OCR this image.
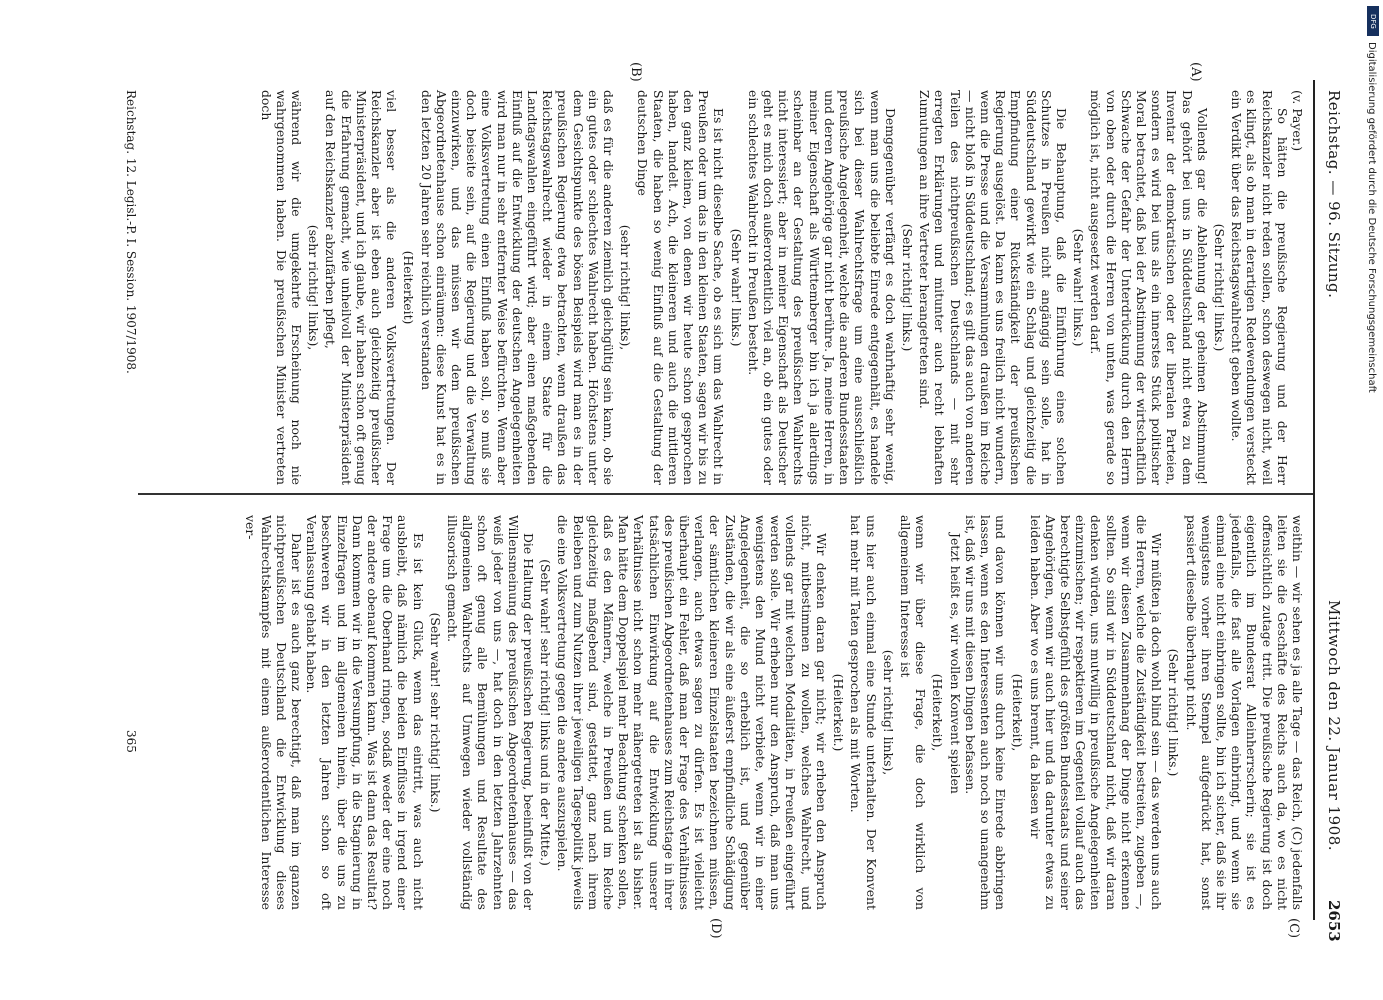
Reichstag. — 96. Sitzung.
Mittwoch den 22. Januar 1908.
2653
(A)
(B)
(C)
(D)

(v. Payer.)

So hätten die preußische Regierung und der Herr Reichskanzler nicht reden sollen, schon deswegen nicht, weil es klingt, als ob man in derartigen Redewendungen versteckt ein Verdikt über das Reichstagswahlrecht geben wollte.

(Sehr richtig! links.)

Vollends gar die Ablehnung der geheimen Abstimmung! Das gehört bei uns in Süddeutschland nicht etwa zu dem Inventar der demokratischen oder der liberalen Parteien, sondern es wird bei uns als ein innerstes Stück politischer Moral betrachtet, daß bei der Abstimmung der wirtschaftlich Schwache der Gefahr der Unterdrückung durch den Herrn von oben oder durch die Herren von unten, was gerade so möglich ist, nicht ausgesetzt werden darf.

(Sehr wahr! links.)

Die Behauptung, daß die Einführung eines solchen Schutzes in Preußen nicht angängig sein solle, hat in Süddeutschland gewirkt wie ein Schlag und gleichzeitig die Empfindung einer Rückständigkeit der preußischen Regierung ausgelöst. Da kann es uns freilich nicht wundern, wenn die Presse und die Versammlungen draußen im Reiche — nicht bloß in Süddeutschland; es gilt das auch von anderen Teilen des nichtpreußischen Deutschlands — mit sehr erregten Erklärungen und mitunter auch recht lebhaften Zumutungen an ihre Vertreter herangetreten sind.

(Sehr richtig! links.)

Demgegenüber verfängt es doch wahrhaftig sehr wenig, wenn man uns die beliebte Einrede entgegenhält, es handele sich bei dieser Wahlrechtsfrage um eine ausschließlich preußische Angelegenheit, welche die anderen Bundesstaaten und deren Angehörige gar nicht berühre. Ja, meine Herren, in meiner Eigenschaft als Württemberger bin ich ja allerdings scheinbar an der Gestaltung des preußischen Wahlrechts nicht interessiert; aber in meiner Eigenschaft als Deutscher geht es mich doch außerordentlich viel an, ob ein gutes oder ein schlechtes Wahlrecht in Preußen besteht.

(Sehr wahr! links.)

Es ist nicht dieselbe Sache, ob es sich um das Wahlrecht in Preußen oder um das in den kleinen Staaten, sagen wir bis zu den ganz kleinen, von denen wir heute schon gesprochen haben, handelt. Ach, die kleineren und auch die mittleren Staaten, die haben so wenig Einfluß auf die Gestaltung der deutschen Dinge

(sehr richtig! links),

daß es für die anderen ziemlich gleichgültig sein kann, ob sie ein gutes oder schlechtes Wahlrecht haben. Höchstens unter dem Gesichtspunkte des bösen Beispiels wird man es in der preußischen Regierung etwa betrachten, wenn draußen das Reichstagswahlrecht wieder in einem Staate für die Landtagswahlen eingeführt wird; aber einen maßgebenden Einfluß auf die Entwicklung der deutschen Angelegenheiten wird man nur in sehr entfernter Weise befürchten. Wenn aber eine Volksvertretung einen Einfluß haben soll, so muß sie doch beiseite sein, auf die Regierung und die Verwaltung einzuwirken, und das müssen wir dem preußischen Abgeordnetenhause schon einräumen: diese Kunst hat es in den letzten 20 Jahren sehr reichlich verstanden

(Heiterkeit)

viel besser als die anderen Volksvertretungen. Der Reichskanzler aber ist eben auch gleichzeitig preußischer Ministerpräsident, und ich glaube, wir haben schon oft genug die Erfahrung gemacht, wie unheilvoll der Ministerpräsident auf den Reichskanzler abzufärben pflegt,

(sehr richtig! links),

während wir die umgekehrte Erscheinung noch nie wahrgenommen haben. Die preußischen Minister vertreten doch

weithin — wir sehen es ja alle Tage — das Reich, (C) jedenfalls leiten sie die Geschäfte des Reichs auch da, wo es nicht offensichtlich zutage tritt. Die preußische Regierung ist doch eigentlich im Bundesrat Alleinherrscherin; sie ist es jedenfalls, die fast alle Vorlagen einbringt, und wenn sie einmal eine nicht einbringen sollte, bin ich sicher, daß sie ihr wenigstens vorher ihren Stempel aufgedrückt hat, sonst passiert dieselbe überhaupt nicht.

(Sehr richtig! links.)

Wir müßten ja doch wohl blind sein — das werden uns auch die Herren, welche die Zuständigkeit bestreiten, zugeben —, wenn wir diesen Zusammenhang der Dinge nicht erkennen sollten. So sind wir in Süddeutschland nicht, daß wir daran denken würden, uns mutwillig in preußische Angelegenheiten einzumischen; wir respektieren im Gegenteil vollauf auch das berechtigte Selbstgefühl des größten Bundesstaats und seiner Angehörigen, wenn wir auch hier und da darunter etwas zu leiden haben. Aber wo es uns brennt, da blasen wir

(Heiterkeit),

und davon können wir uns durch keine Einrede abbringen lassen, wenn es den Interessenten auch noch so unangenehm ist, daß wir uns mit diesen Dingen befassen.

Jetzt heißt es, wir wollen Konvent spielen

(Heiterkeit),

wenn wir über diese Frage, die doch wirklich von allgemeinem Interesse ist

(sehr richtig! links),

uns hier auch einmal eine Stunde unterhalten. Der Konvent hat mehr mit Taten gesprochen als mit Worten.

(Heiterkeit.)

Wir denken daran gar nicht; wir erheben den Anspruch nicht, mitbestimmen zu wollen, welches Wahlrecht, und vollends gar mit welchen Modalitäten, in Preußen eingeführt werden solle. Wir erheben nur den Anspruch, daß man uns wenigstens den Mund nicht verbiete, wenn wir in einer Angelegenheit, die so erheblich ist, und gegenüber Zuständen, die wir als eine äußerst empfindliche Schädigung der sämtlichen kleineren Einzelstaaten bezeichnen müssen, verlangen, auch etwas sagen zu dürfen. Es ist vielleicht überhaupt ein Fehler, daß man der Frage des Verhältnisses des preußischen Abgeordnetenhauses zum Reichstage in ihrer tatsächlichen Einwirkung auf die Entwicklung unserer Verhältnisse nicht schon mehr nähergetreten ist als bisher. Man hätte dem Doppelspiel mehr Beachtung schenken sollen, daß es den Männern, welche in Preußen und im Reiche gleichzeitig maßgebend sind, gestattet, ganz nach ihrem Belieben und zum Nutzen ihrer jeweiligen Tagespolitik jeweils die eine Volksvertretung gegen die andere auszuspielen.

(Sehr wahr! sehr richtig! links und in der Mitte.)

Die Haltung der preußischen Regierung, beeinflußt von der Willensmeinung des preußischen Abgeordnetenhauses — das weiß jeder von uns —, hat doch in den letzten Jahrzehnten schon oft genug alle Bemühungen und Resultate des allgemeinen Wahlrechts auf Umwegen wieder vollständig illusorisch gemacht.

(Sehr wahr! sehr richtig! links.)

Es ist kein Glück, wenn das eintritt, was auch nicht ausbleibt, daß nämlich die beiden Einflüsse in irgend einer Frage um die Oberhand ringen, sodaß weder der eine noch der andere obenauf kommen kann. Was ist dann das Resultat? Dann kommen wir in die Versumpfung, in die Stagnierung in Einzelfragen und im allgemeinen hinein, über die uns zu beschweren wir in den letzten Jahren schon so oft Veranlassung gehabt haben.

Daher ist es auch ganz berechtigt, daß man im ganzen nichtpreußischen Deutschland die Entwicklung dieses Wahlrechtskampfes mit einem außerordentlichen Interesse ver-

Reichstag. 12. Legisl.-P. I. Session. 1907/1908.
365
DFG
Digitalisierung gefördert durch die Deutsche Forschungsgemeinschaft
